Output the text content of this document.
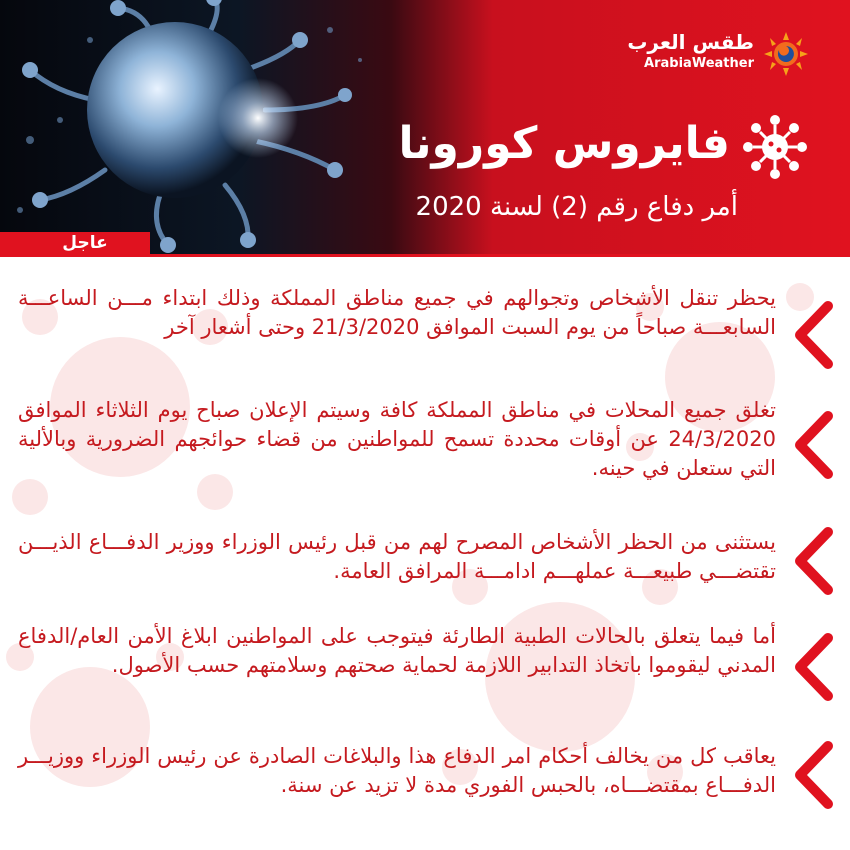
طقس العرب
ArabiaWeather
فايروس كورونا
أمر دفاع رقم (2) لسنة 2020
عاجل
يحظر تنقل الأشخاص وتجوالهم في جميع مناطق المملكة وذلك ابتداء مـــن الساعـــة السابعـــة صباحاً من يوم السبت الموافق 21/3/2020 وحتى أشعار آخر
تغلق جميع المحلات في مناطق المملكة كافة وسيتم الإعلان صباح يوم الثلاثاء الموافق 24/3/2020 عن أوقات محددة تسمح للمواطنين من قضاء حوائجهم الضرورية وبالألية التي ستعلن في حينه.
يستثنى من الحظر الأشخاص المصرح لهم من قبل رئيس الوزراء ووزير الدفـــاع الذيـــن تقتضـــي طبيعـــة عملهـــم ادامـــة المرافق العامة.
أما فيما يتعلق بالحالات الطبية الطارئة فيتوجب على المواطنين ابلاغ الأمن العام/الدفاع المدني ليقوموا باتخاذ التدابير اللازمة لحماية صحتهم وسلامتهم حسب الأصول.
يعاقب كل من يخالف أحكام امر الدفاع هذا والبلاغات الصادرة عن رئيس الوزراء ووزيـــر الدفـــاع بمقتضـــاه، بالحبس الفوري مدة لا تزيد عن سنة.
